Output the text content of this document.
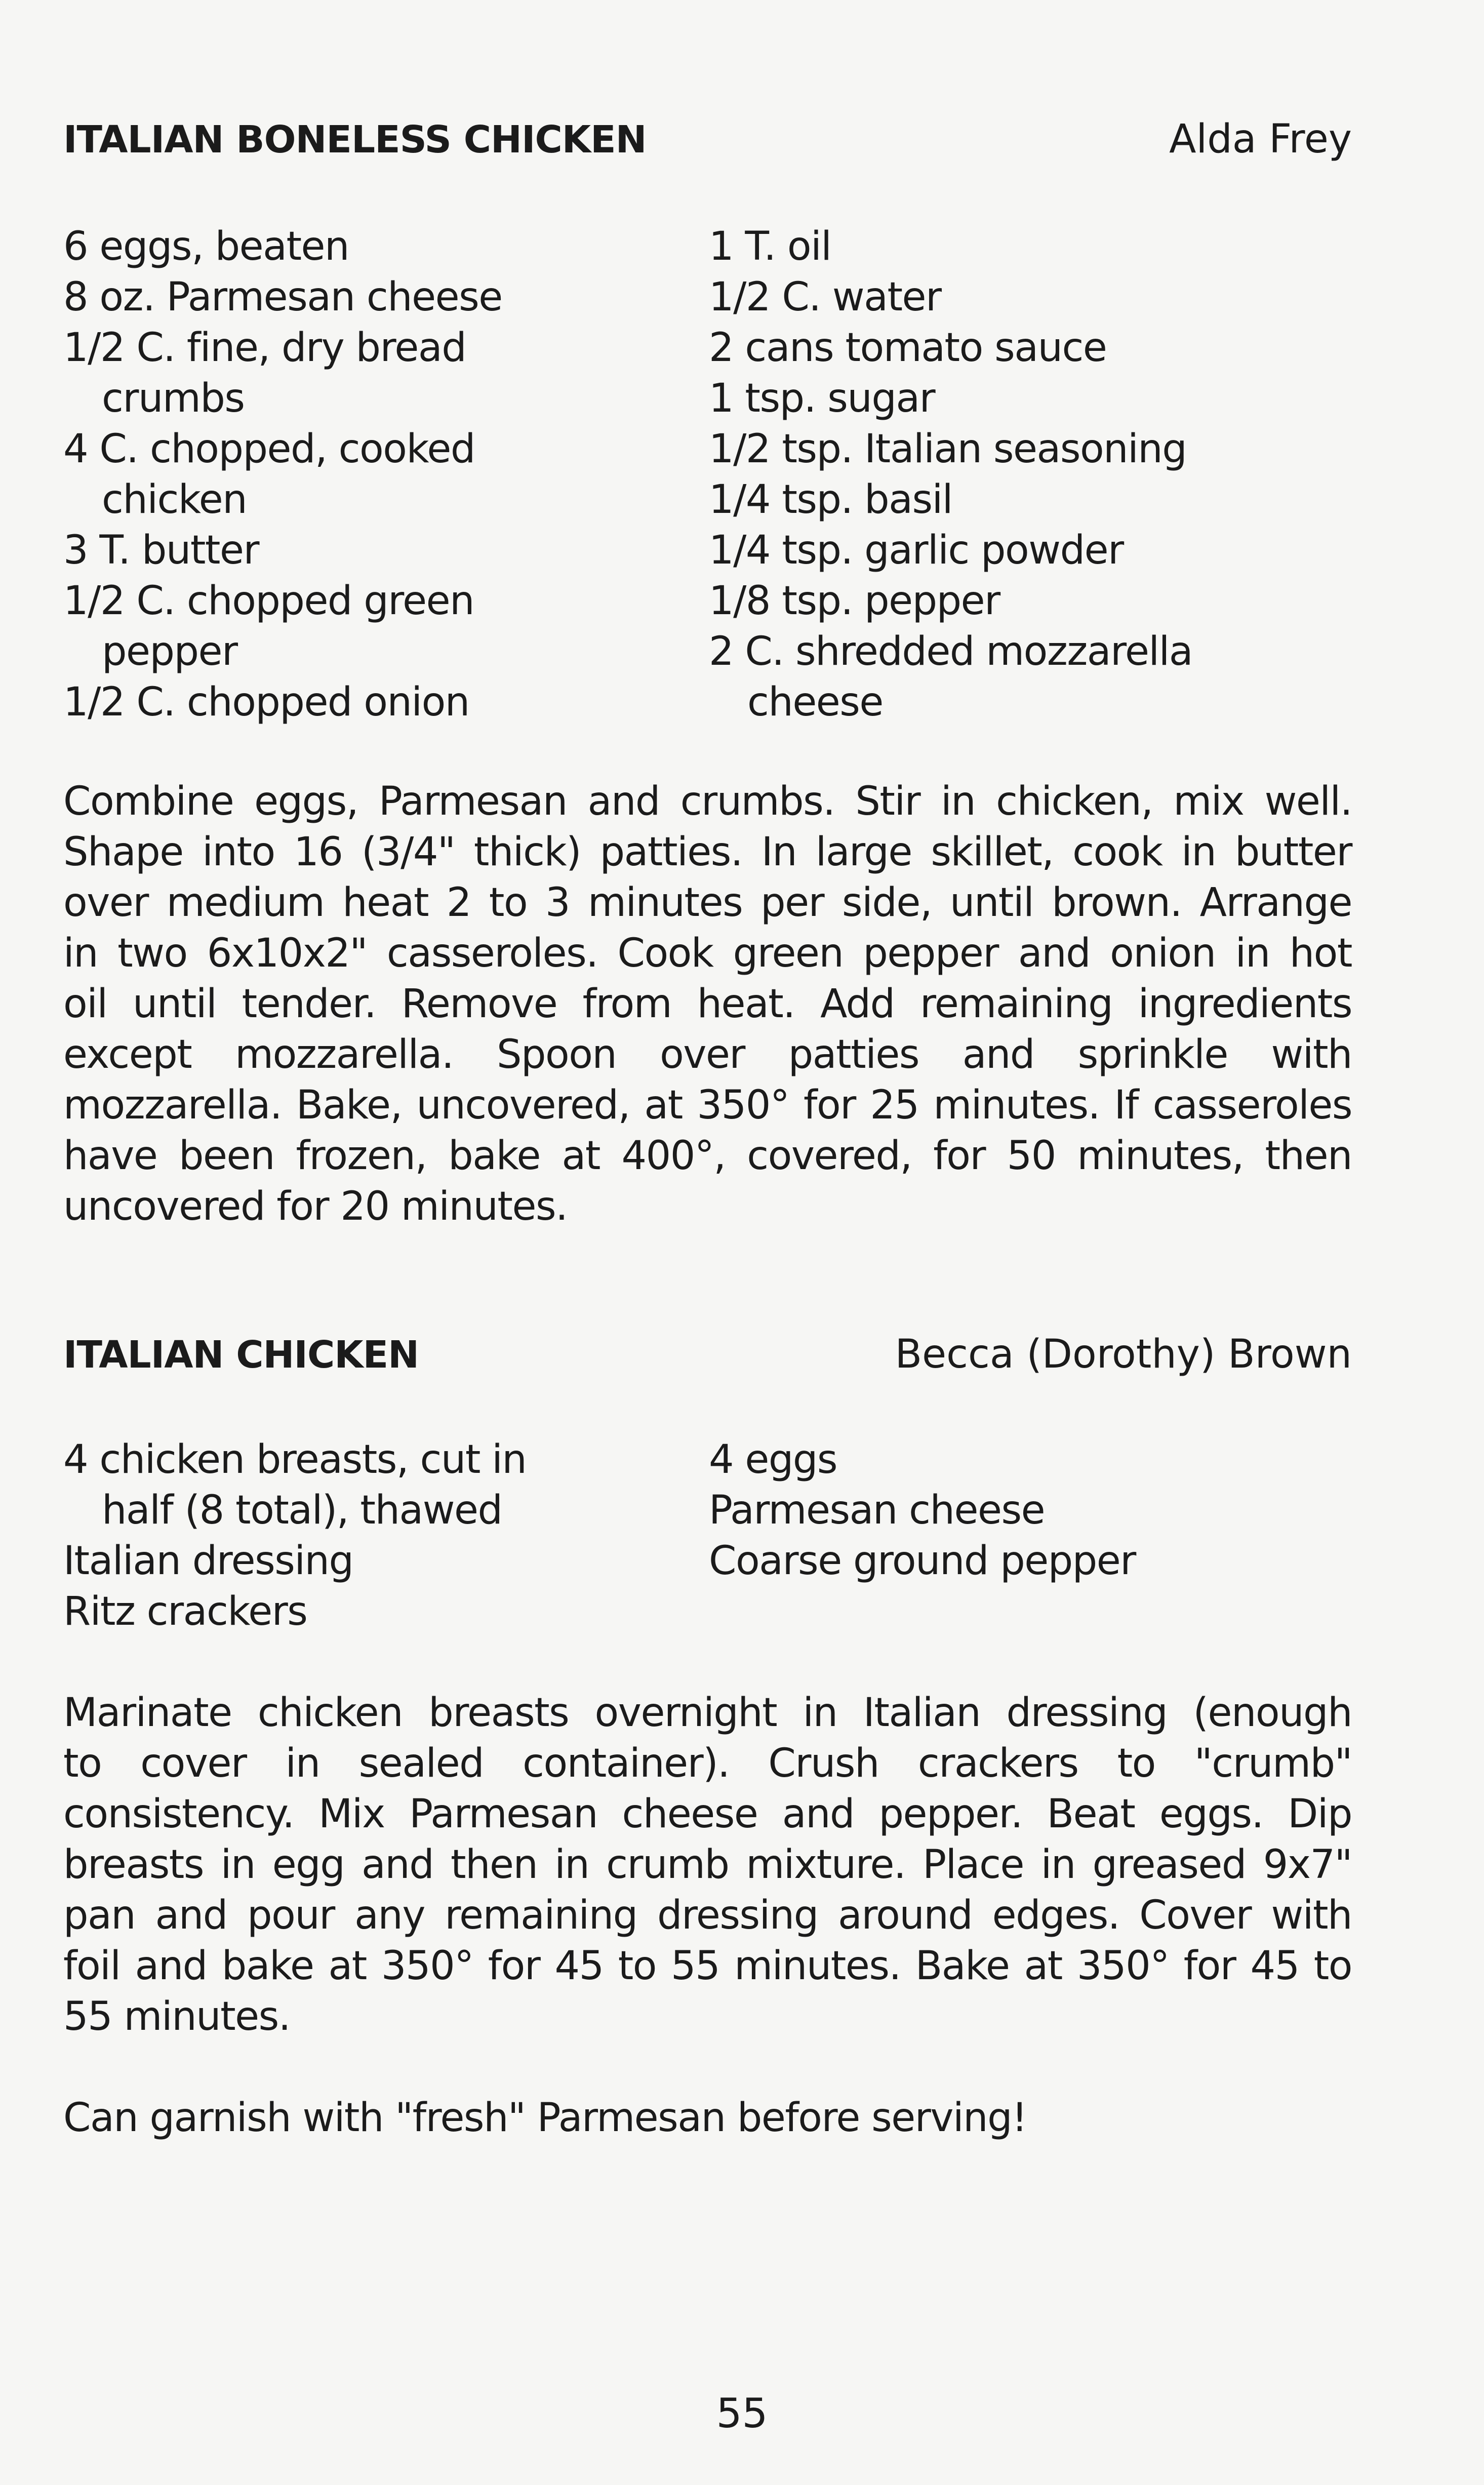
ITALIAN BONELESS CHICKEN	Alda Frey
6 eggs, beaten
8 oz. Parmesan cheese
1/2 C. fine, dry bread
crumbs
4 C. chopped, cooked
chicken
3 T. butter
1/2 C. chopped green
pepper
1/2 C. chopped onion
1 T. oil
1/2 C. water
2 cans tomato sauce
1 tsp. sugar
1/2 tsp. Italian seasoning
1/4 tsp. basil
1/4 tsp. garlic powder
1/8 tsp. pepper
2 C. shredded mozzarella
cheese
Combine eggs, Parmesan and crumbs. Stir in chicken, mix well.
Shape into 16 (3/4" thick) patties. In large skillet, cook in butter
over medium heat 2 to 3 minutes per side, until brown. Arrange
in two 6x10x2" casseroles. Cook green pepper and onion in hot
oil until tender. Remove from heat. Add remaining ingredients
except mozzarella. Spoon over patties and sprinkle with
mozzarella. Bake, uncovered, at 350° for 25 minutes. If casseroles
have been frozen, bake at 400°, covered, for 50 minutes, then
uncovered for 20 minutes.
ITALIAN CHICKEN	Becca (Dorothy) Brown
4 chicken breasts, cut in
half (8 total), thawed
Italian dressing
Ritz crackers
4 eggs
Parmesan cheese
Coarse ground pepper
Marinate chicken breasts overnight in Italian dressing (enough
to cover in sealed container). Crush crackers to "crumb"
consistency. Mix Parmesan cheese and pepper. Beat eggs. Dip
breasts in egg and then in crumb mixture. Place in greased 9x7"
pan and pour any remaining dressing around edges. Cover with
foil and bake at 350° for 45 to 55 minutes. Bake at 350° for 45 to
55 minutes.
Can garnish with "fresh" Parmesan before serving!
55
